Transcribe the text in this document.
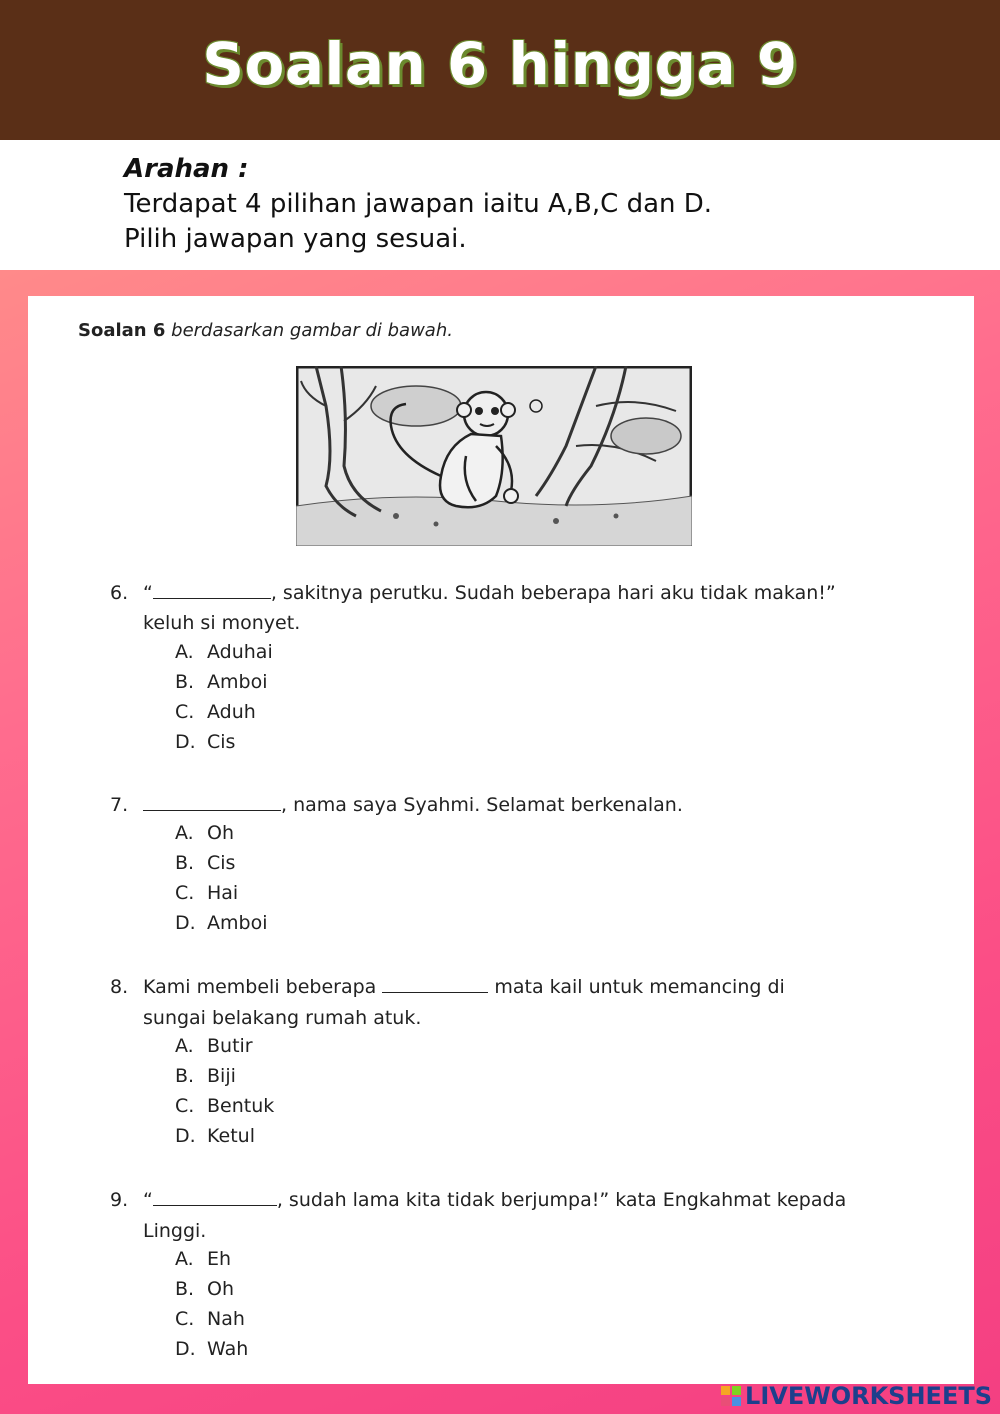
Soalan 6 hingga 9
Arahan :
Terdapat 4 pilihan jawapan iaitu A,B,C dan D.
Pilih jawapan yang sesuai.
Soalan 6 berdasarkan gambar di bawah.
6. “	, sakitnya perutku. Sudah beberapa hari aku tidak makan!”
keluh si monyet.
A. Aduhai
B. Amboi
C. Aduh
D. Cis
7.	, nama saya Syahmi. Selamat berkenalan.
A. Oh
B. Cis
C. Hai
D. Amboi
8. Kami membeli beberapa	mata kail untuk memancing di
sungai belakang rumah atuk.
A. Butir
B. Biji
C. Bentuk
D. Ketul
9. “	, sudah lama kita tidak berjumpa!” kata Engkahmat kepada
Linggi.
A. Eh
B. Oh
C. Nah
D. Wah
LIVEWORKSHEETS
